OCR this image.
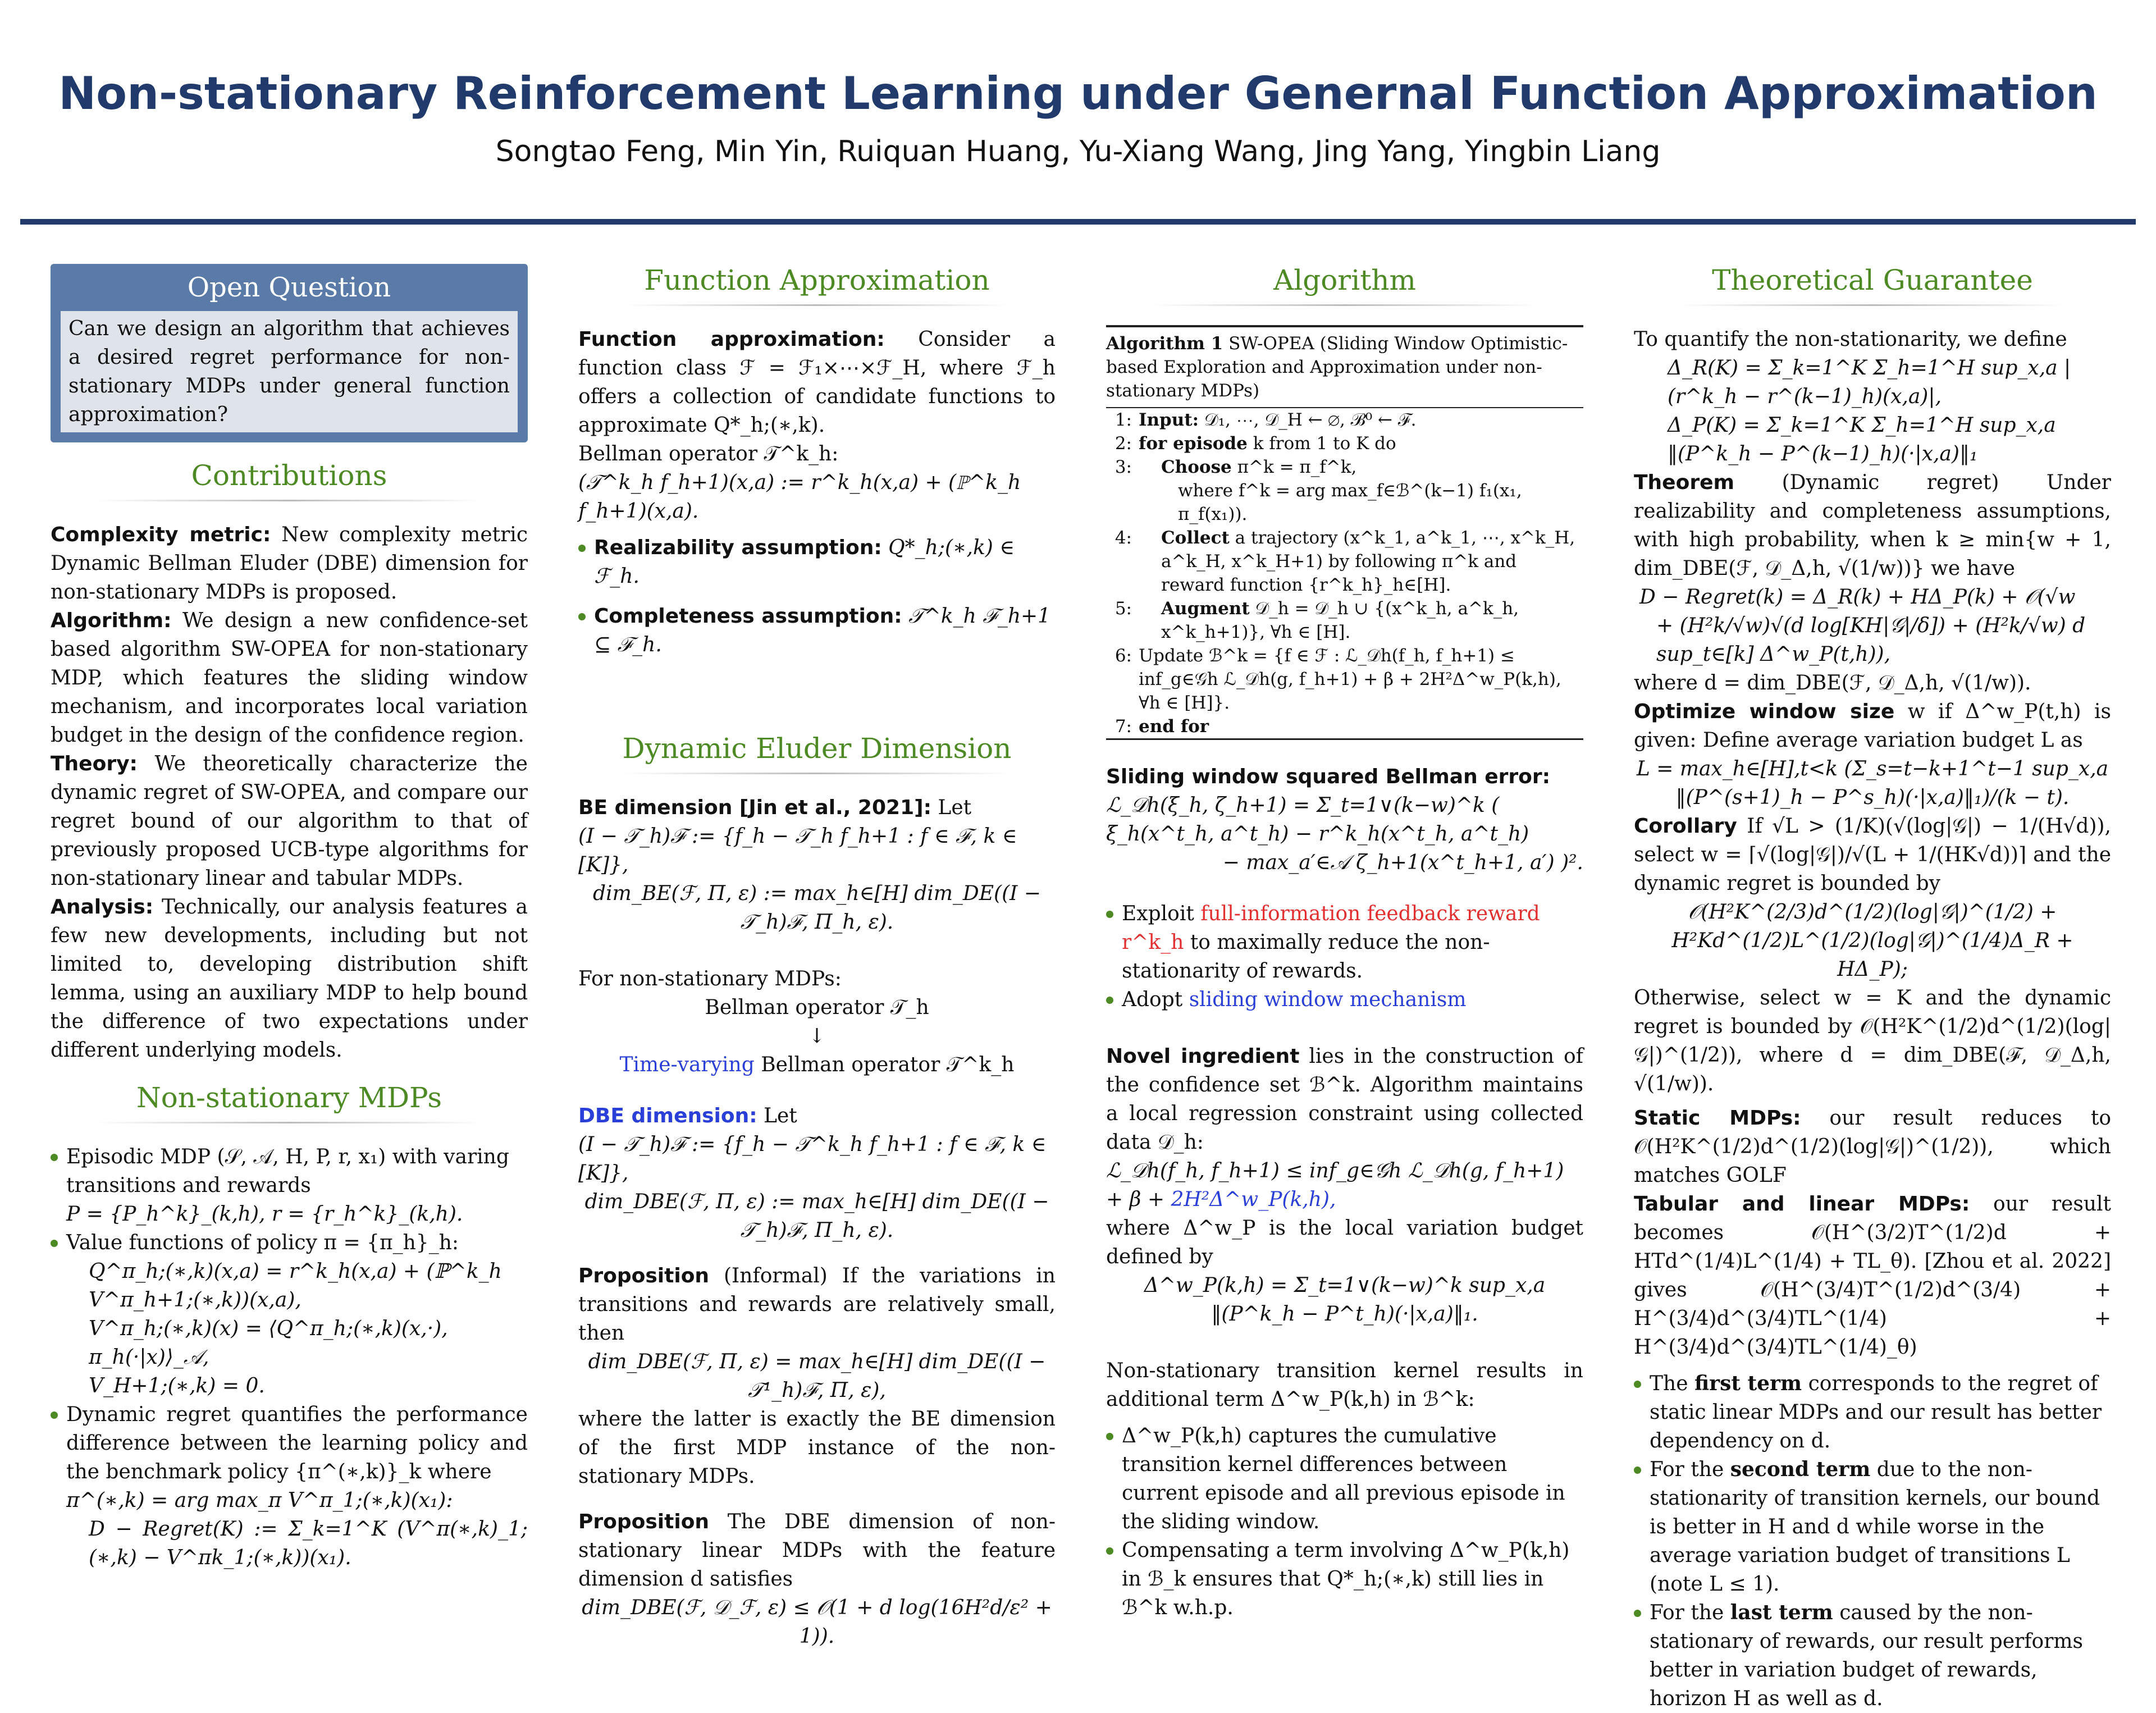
Non-stationary Reinforcement Learning under Genernal Function Approximation
Songtao Feng, Min Yin, Ruiquan Huang, Yu-Xiang Wang, Jing Yang, Yingbin Liang
Open Question
Can we design an algorithm that achieves a desired regret performance for non-stationary MDPs under general function approximation?
Contributions
Complexity metric: New complexity metric Dynamic Bellman Eluder (DBE) dimension for non-stationary MDPs is proposed.
Algorithm: We design a new confidence-set based algorithm SW-OPEA for non-stationary MDP, which features the sliding window mechanism, and incorporates local variation budget in the design of the confidence region.
Theory: We theoretically characterize the dynamic regret of SW-OPEA, and compare our regret bound of our algorithm to that of previously proposed UCB-type algorithms for non-stationary linear and tabular MDPs.
Analysis: Technically, our analysis features a few new developments, including but not limited to, developing distribution shift lemma, using an auxiliary MDP to help bound the difference of two expectations under different underlying models.
Non-stationary MDPs
Episodic MDP (𝒮, 𝒜, H, P, r, x₁) with varing transitions and rewards
P = {P_h^k}_(k,h), r = {r_h^k}_(k,h).
Value functions of policy π = {π_h}_h:
Q^π_h;(∗,k)(x,a) = r^k_h(x,a) + (ℙ^k_h V^π_h+1;(∗,k))(x,a),
V^π_h;(∗,k)(x) = ⟨Q^π_h;(∗,k)(x,·), π_h(·|x)⟩_𝒜,
V_H+1;(∗,k) = 0.
Dynamic regret quantifies the performance difference between the learning policy and the benchmark policy {π^(∗,k)}_k where
π^(∗,k) = arg max_π V^π_1;(∗,k)(x₁):
D − Regret(K) := Σ_k=1^K (V^π(∗,k)_1;(∗,k) − V^πk_1;(∗,k))(x₁).
Function Approximation
Function approximation: Consider a function class ℱ = ℱ₁×⋯×ℱ_H, where ℱ_h offers a collection of candidate functions to approximate Q*_h;(∗,k).
Bellman operator 𝒯^k_h:
(𝒯^k_h f_h+1)(x,a) := r^k_h(x,a) + (ℙ^k_h f_h+1)(x,a).
Realizability assumption: Q*_h;(∗,k) ∈ ℱ_h.
Completeness assumption: 𝒯^k_h ℱ_h+1 ⊆ ℱ_h.
Dynamic Eluder Dimension
BE dimension [Jin et al., 2021]: Let
(I − 𝒯_h)ℱ := {f_h − 𝒯_h f_h+1 : f ∈ ℱ, k ∈ [K]},
dim_BE(ℱ, Π, ε) := max_h∈[H] dim_DE((I − 𝒯_h)ℱ, Π_h, ε).
For non-stationary MDPs:
Bellman operator 𝒯_h
↓
Time-varying Bellman operator 𝒯^k_h
DBE dimension: Let
(I − 𝒯_h)ℱ := {f_h − 𝒯^k_h f_h+1 : f ∈ ℱ, k ∈ [K]},
dim_DBE(ℱ, Π, ε) := max_h∈[H] dim_DE((I − 𝒯_h)ℱ, Π_h, ε).
Proposition (Informal) If the variations in transitions and rewards are relatively small, then
dim_DBE(ℱ, Π, ε) = max_h∈[H] dim_DE((I − 𝒯¹_h)ℱ, Π, ε),
where the latter is exactly the BE dimension of the first MDP instance of the non-stationary MDPs.
Proposition The DBE dimension of non-stationary linear MDPs with the feature dimension d satisfies
dim_DBE(ℱ, 𝒟_ℱ, ε) ≤ 𝒪(1 + d log(16H²d/ε² + 1)).
Algorithm
Algorithm 1 SW-OPEA (Sliding Window Optimistic-based Exploration and Approximation under non-stationary MDPs)
1: Input: 𝒟₁, ⋯, 𝒟_H ← ∅, ℬ⁰ ← ℱ.
2: for episode k from 1 to K do
3:	Choose π^k = π_f^k,
where f^k = arg max_f∈ℬ^(k−1) f₁(x₁, π_f(x₁)).
4:	Collect a trajectory (x^k_1, a^k_1, ⋯, x^k_H, a^k_H, x^k_H+1) by following π^k and reward function {r^k_h}_h∈[H].
5:	Augment 𝒟_h = 𝒟_h ∪ {(x^k_h, a^k_h, x^k_h+1)}, ∀h ∈ [H].
6: Update ℬ^k = {f ∈ ℱ : ℒ_𝒟h(f_h, f_h+1) ≤ inf_g∈𝒢h ℒ_𝒟h(g, f_h+1) + β + 2H²Δ^w_P(k,h), ∀h ∈ [H]}.
7: end for
Sliding window squared Bellman error:
ℒ_𝒟h(ξ_h, ζ_h+1) = Σ_t=1∨(k−w)^k ( ξ_h(x^t_h, a^t_h) − r^k_h(x^t_h, a^t_h)
− max_a′∈𝒜 ζ_h+1(x^t_h+1, a′) )².
Exploit full-information feedback reward r^k_h to maximally reduce the non-stationarity of rewards.
Adopt sliding window mechanism
Novel ingredient lies in the construction of the confidence set ℬ^k. Algorithm maintains a local regression constraint using collected data 𝒟_h:
ℒ_𝒟h(f_h, f_h+1) ≤ inf_g∈𝒢h ℒ_𝒟h(g, f_h+1) + β + 2H²Δ^w_P(k,h),
where Δ^w_P is the local variation budget defined by
Δ^w_P(k,h) = Σ_t=1∨(k−w)^k sup_x,a ‖(P^k_h − P^t_h)(·|x,a)‖₁.
Non-stationary transition kernel results in additional term Δ^w_P(k,h) in ℬ^k:
Δ^w_P(k,h) captures the cumulative transition kernel differences between current episode and all previous episode in the sliding window.
Compensating a term involving Δ^w_P(k,h) in ℬ_k ensures that Q*_h;(∗,k) still lies in ℬ^k w.h.p.
Theoretical Guarantee
To quantify the non-stationarity, we define
Δ_R(K) = Σ_k=1^K Σ_h=1^H sup_x,a |(r^k_h − r^(k−1)_h)(x,a)|,
Δ_P(K) = Σ_k=1^K Σ_h=1^H sup_x,a ‖(P^k_h − P^(k−1)_h)(·|x,a)‖₁
Theorem (Dynamic regret) Under realizability and completeness assumptions, with high probability, when k ≥ min{w + 1, dim_DBE(ℱ, 𝒟_Δ,h, √(1/w))} we have
D − Regret(k) = Δ_R(k) + HΔ_P(k) + 𝒪(√w
+ (H²k/√w)√(d log[KH|𝒢|/δ]) + (H²k/√w) d sup_t∈[k] Δ^w_P(t,h)),
where d = dim_DBE(ℱ, 𝒟_Δ,h, √(1/w)).
Optimize window size w if Δ^w_P(t,h) is given: Define average variation budget L as
L = max_h∈[H],t<k (Σ_s=t−k+1^t−1 sup_x,a ‖(P^(s+1)_h − P^s_h)(·|x,a)‖₁)/(k − t).
Corollary If √L > (1/K)(√(log|𝒢|) − 1/(H√d)), select w = ⌈√(log|𝒢|)/√(L + 1/(HK√d))⌉ and the dynamic regret is bounded by
𝒪(H²K^(2/3)d^(1/2)(log|𝒢|)^(1/2) + H²Kd^(1/2)L^(1/2)(log|𝒢|)^(1/4)Δ_R + HΔ_P);
Otherwise, select w = K and the dynamic regret is bounded by 𝒪(H²K^(1/2)d^(1/2)(log|𝒢|)^(1/2)), where d = dim_DBE(ℱ, 𝒟_Δ,h, √(1/w)).
Static MDPs: our result reduces to 𝒪(H²K^(1/2)d^(1/2)(log|𝒢|)^(1/2)), which matches GOLF
Tabular and linear MDPs: our result becomes 𝒪(H^(3/2)T^(1/2)d + HTd^(1/4)L^(1/4) + TL_θ). [Zhou et al. 2022] gives 𝒪(H^(3/4)T^(1/2)d^(3/4) + H^(3/4)d^(3/4)TL^(1/4) + H^(3/4)d^(3/4)TL^(1/4)_θ)
The first term corresponds to the regret of static linear MDPs and our result has better dependency on d.
For the second term due to the non-stationarity of transition kernels, our bound is better in H and d while worse in the average variation budget of transitions L (note L ≤ 1).
For the last term caused by the non-stationary of rewards, our result performs better in variation budget of rewards, horizon H as well as d.
